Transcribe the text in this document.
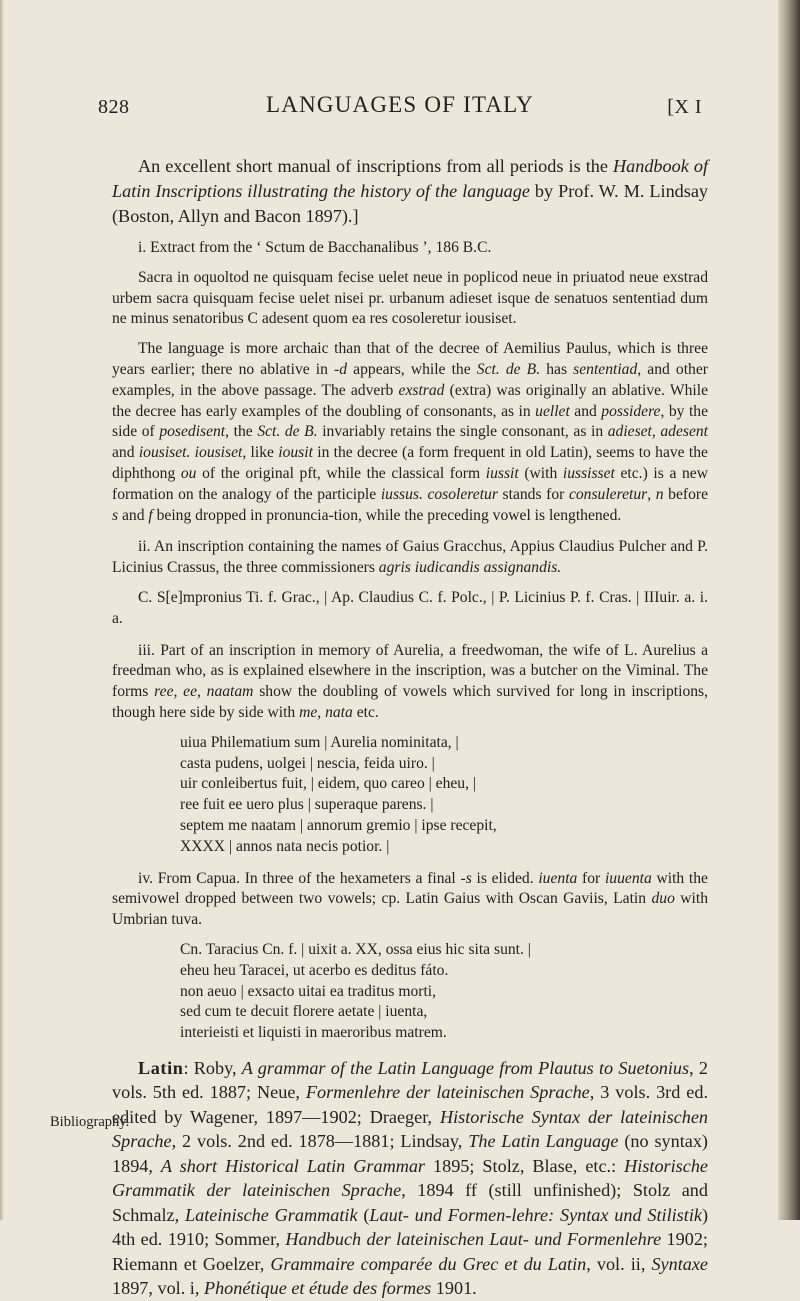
828	LANGUAGES OF ITALY	[X I

An excellent short manual of inscriptions from all periods is the Handbook of Latin Inscriptions illustrating the history of the language by Prof. W. M. Lindsay (Boston, Allyn and Bacon 1897).]

i. Extract from the ‘ Sctum de Bacchanalibus ’, 186 B.C.

Sacra in oquoltod ne quisquam fecise uelet neue in poplicod neue in priuatod neue exstrad urbem sacra quisquam fecise uelet nisei pr. urbanum adieset isque de senatuos sententiad dum ne minus senatoribus C adesent quom ea res cosoleretur iousiset.

The language is more archaic than that of the decree of Aemilius Paulus, which is three years earlier; there no ablative in -d appears, while the Sct. de B. has sententiad, and other examples, in the above passage. The adverb exstrad (extra) was originally an ablative. While the decree has early examples of the doubling of consonants, as in uellet and possidere, by the side of posedisent, the Sct. de B. invariably retains the single consonant, as in adieset, adesent and iousiset. iousiset, like iousit in the decree (a form frequent in old Latin), seems to have the diphthong ou of the original pft, while the classical form iussit (with iussisset etc.) is a new formation on the analogy of the participle iussus. cosoleretur stands for consuleretur, n before s and f being dropped in pronuncia-tion, while the preceding vowel is lengthened.

ii. An inscription containing the names of Gaius Gracchus, Appius Claudius Pulcher and P. Licinius Crassus, the three commissioners agris iudicandis assignandis.

C. S[e]mpronius Ti. f. Grac., | Ap. Claudius C. f. Polc., | P. Licinius P. f. Cras. | IIIuir. a. i. a.

iii. Part of an inscription in memory of Aurelia, a freedwoman, the wife of L. Aurelius a freedman who, as is explained elsewhere in the inscription, was a butcher on the Viminal. The forms ree, ee, naatam show the doubling of vowels which survived for long in inscriptions, though here side by side with me, nata etc.

uiua Philematium sum | Aurelia nominitata, |
casta pudens, uolgei | nescia, feida uiro. |
uir conleibertus fuit, | eidem, quo careo | eheu, |
ree fuit ee uero plus | superaque parens. |
septem me naatam | annorum gremio | ipse recepit,
XXXX | annos nata necis potior. |

iv. From Capua. In three of the hexameters a final -s is elided. iuenta for iuuenta with the semivowel dropped between two vowels; cp. Latin Gaius with Oscan Gaviis, Latin duo with Umbrian tuva.

Cn. Taracius Cn. f. | uixit a. XX, ossa eius hic sita sunt. |
eheu heu Taracei, ut acerbo es deditus fáto.
non aeuo | exsacto uitai ea traditus morti,
sed cum te decuit florere aetate | iuenta,
interieisti et liquisti in maeroribus matrem.
Latin: Roby, A grammar of the Latin Language from Plautus to Suetonius, 2 vols. 5th ed. 1887; Neue, Formenlehre der lateinischen Sprache, 3 vols. 3rd ed. edited by Wagener, 1897—1902; Draeger, Historische Syntax der lateinischen Sprache, 2 vols. 2nd ed. 1878—1881; Lindsay, The Latin Language (no syntax) 1894, A short Historical Latin Grammar 1895; Stolz, Blase, etc.: Historische Grammatik der lateinischen Sprache, 1894 ff (still unfinished); Stolz and Schmalz, Lateinische Grammatik (Laut- und Formen-lehre: Syntax und Stilistik) 4th ed. 1910; Sommer, Handbuch der lateinischen Laut- und Formenlehre 1902; Riemann et Goelzer, Grammaire comparée du Grec et du Latin, vol. ii, Syntaxe 1897, vol. i, Phonétique et étude des formes 1901.
Bibliography.
